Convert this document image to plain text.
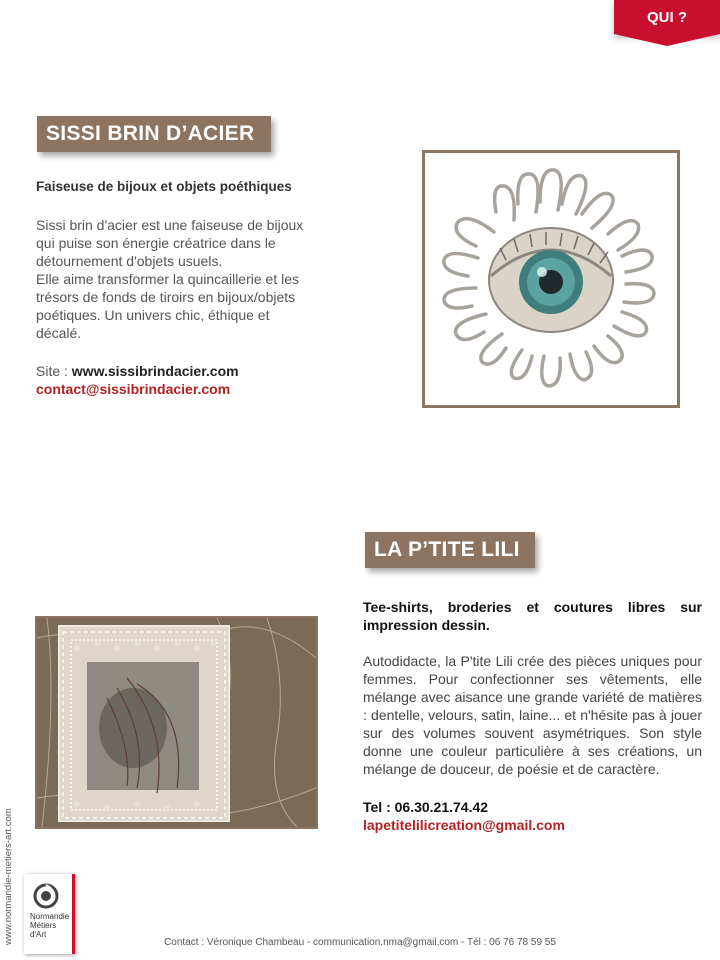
QUI ?
SISSI BRIN D’ACIER
Faiseuse de bijoux et objets poéthiques

Sissi brin d'acier est une faiseuse de bijoux
qui puise son énergie créatrice dans le
détournement d'objets usuels.
Elle aime transformer la quincaillerie et les
trésors de fonds de tiroirs en bijoux/objets
poétiques. Un univers chic, éthique et
décalé.

Site : www.sissibrindacier.com
contact@sissibrindacier.com
LA P’TITE LILI
Tee-shirts, broderies et coutures libres sur impression dessin.

Autodidacte, la P'tite Lili crée des pièces uniques pour femmes. Pour confectionner ses vêtements, elle mélange avec aisance une grande variété de matières : dentelle, velours, satin, laine... et n'hésite pas à jouer sur des volumes souvent asymétriques. Son style donne une couleur particulière à ses créations, un mélange de douceur, de poésie et de caractère.

Tel : 06.30.21.74.42
lapetitelilicreation@gmail.com
www.normandie-metiers-art.com Normandie
Métiers
d'Art
Contact : Véronique Chambeau - communication.nma@gmail.com - Tél : 06 76 78 59 55
